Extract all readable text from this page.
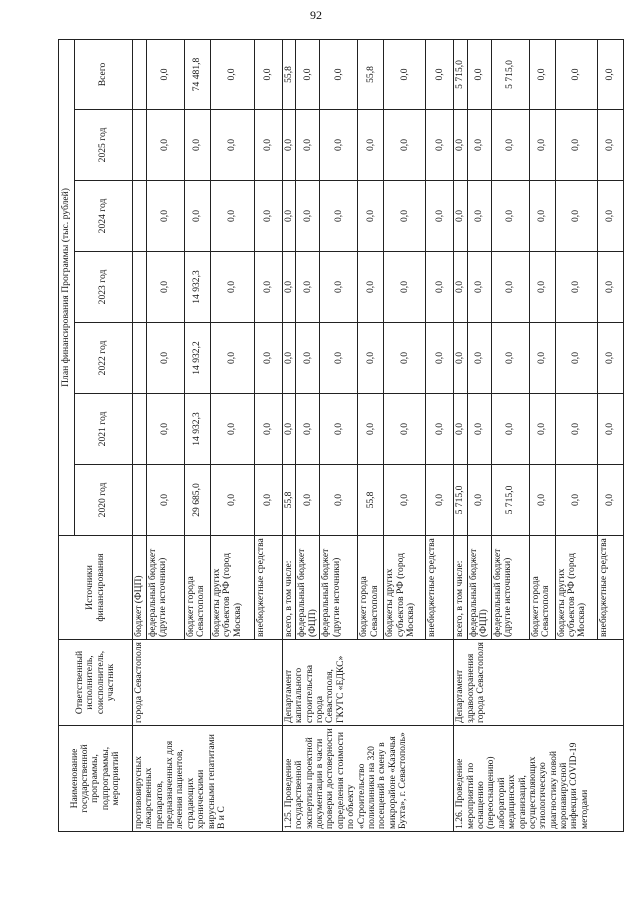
92
Наименование государственной программы, подпрограммы, мероприятий	Ответственный исполнитель, соисполнитель, участник	Источники финансирования	План финансирования Программы (тыс. рублей)						
			2020 год	2021 год	2022 год	2023 год	2024 год	2025 год	Всего
противовирусных лекарственных препаратов, предназначенных для лечения пациентов, страдающих хроническими вирусными гепатитами В и С	города Севастополя	бюджет (ФЦП)							
		федеральный бюджет (другие источники)	0,0	0,0	0,0	0,0	0,0	0,0	0,0
		бюджет города Севастополя	29 685,0	14 932,3	14 932,2	14 932,3	0,0	0,0	74 481,8
		бюджеты других субъектов РФ (город Москва)	0,0	0,0	0,0	0,0	0,0	0,0	0,0
		внебюджетные средства	0,0	0,0	0,0	0,0	0,0	0,0	0,0
1.25. Проведение государственной экспертизы проектной документации в части проверки достоверности определения стоимости по объекту «Строительство поликлиники на 320 посещений в смену в микрорайоне «Казачья Бухта», г. Севастополь»	Департамент капитального строительства города Севастополя, ГКУГС «ЕДКС»	всего, в том числе:	55,8	0,0	0,0	0,0	0,0	0,0	55,8
		федеральный бюджет (ФЦП)	0,0	0,0	0,0	0,0	0,0	0,0	0,0
		федеральный бюджет (другие источники)	0,0	0,0	0,0	0,0	0,0	0,0	0,0
		бюджет города Севастополя	55,8	0,0	0,0	0,0	0,0	0,0	55,8
		бюджеты других субъектов РФ (город Москва)	0,0	0,0	0,0	0,0	0,0	0,0	0,0
		внебюджетные средства	0,0	0,0	0,0	0,0	0,0	0,0	0,0
1.26. Проведение мероприятий по оснащению (переоснащению) лабораторий медицинских организаций, осуществляющих этиологическую диагностику новой коронавирусной инфекции COVID-19 методами	Департамент здравоохранения города Севастополя	всего, в том числе:	5 715,0	0,0	0,0	0,0	0,0	0,0	5 715,0
		федеральный бюджет (ФЦП)	0,0	0,0	0,0	0,0	0,0	0,0	0,0
		федеральный бюджет (другие источники)	5 715,0	0,0	0,0	0,0	0,0	0,0	5 715,0
		бюджет города Севастополя	0,0	0,0	0,0	0,0	0,0	0,0	0,0
		бюджеты других субъектов РФ (город Москва)	0,0	0,0	0,0	0,0	0,0	0,0	0,0
		внебюджетные средства	0,0	0,0	0,0	0,0	0,0	0,0	0,0
